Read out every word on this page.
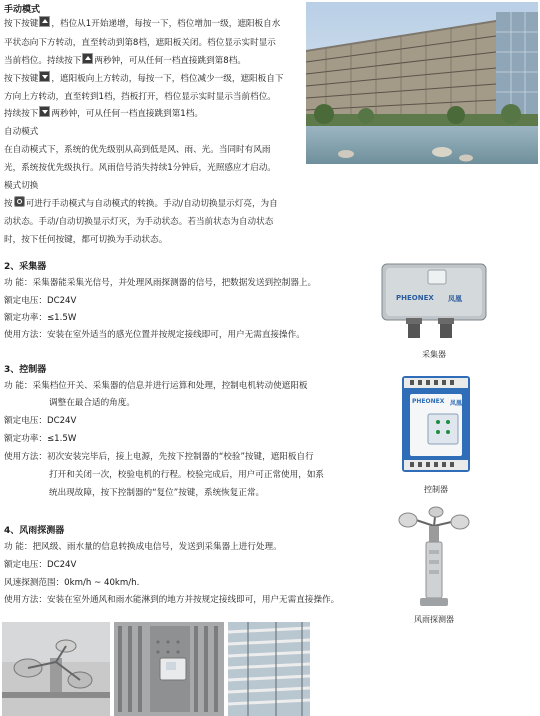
手动模式
按下按键 ，档位从1开始递增，每按一下，档位增加一级，遮阳板自水
平状态向下方转动，直至转动到第8档，遮阳板关闭。档位显示实时显示
当前档位。持续按下 两秒钟，可从任何一档直接跳到第8档。
按下按键 ，遮阳板向上方转动，每按一下，档位减少一级，遮阳板自下
方向上方转动，直至转到1档，挡板打开，档位显示实时显示当前档位。
持续按下 两秒钟，可从任何一档直接跳到第1档。
自动模式
在自动模式下，系统的优先级别从高到低是风、雨、光。当同时有风雨
光，系统按优先级执行。风雨信号消失持续1分钟后，光照感应才启动。
模式切换
按 可进行手动模式与自动模式的转换。手动/自动切换显示灯亮，为自
动状态。手动/自动切换显示灯灭，为手动状态。若当前状态为自动状态
时，按下任何按键，都可切换为手动状态。
2、采集器
功 能：采集器能采集光信号，并处理风雨探测器的信号，把数据发送到控制器上。
额定电压：DC24V
额定功率：≤1.5W
使用方法：安装在室外适当的感光位置并按规定接线即可，用户无需直接操作。
PHEONEX 凤凰
采集器
3、控制器
功 能：采集档位开关、采集器的信息并进行运算和处理，控制电机转动使遮阳板
调整在最合适的角度。
额定电压：DC24V
额定功率：≤1.5W
使用方法：初次安装完毕后，接上电源，先按下控制器的“校验”按键，遮阳板自行
打开和关闭一次，校验电机的行程。校验完成后，用户可正常使用，如系
统出现故障，按下控制器的“复位”按键，系统恢复正常。
PHEONEX 凤凰
控制器
4、风雨探测器
功 能：把风级、雨水量的信息转换成电信号，发送到采集器上进行处理。
额定电压：DC24V
风速探测范围：0km/h ~ 40km/h.
使用方法：安装在室外通风和雨水能淋到的地方并按规定接线即可，用户无需直接操作。
风雨探测器
